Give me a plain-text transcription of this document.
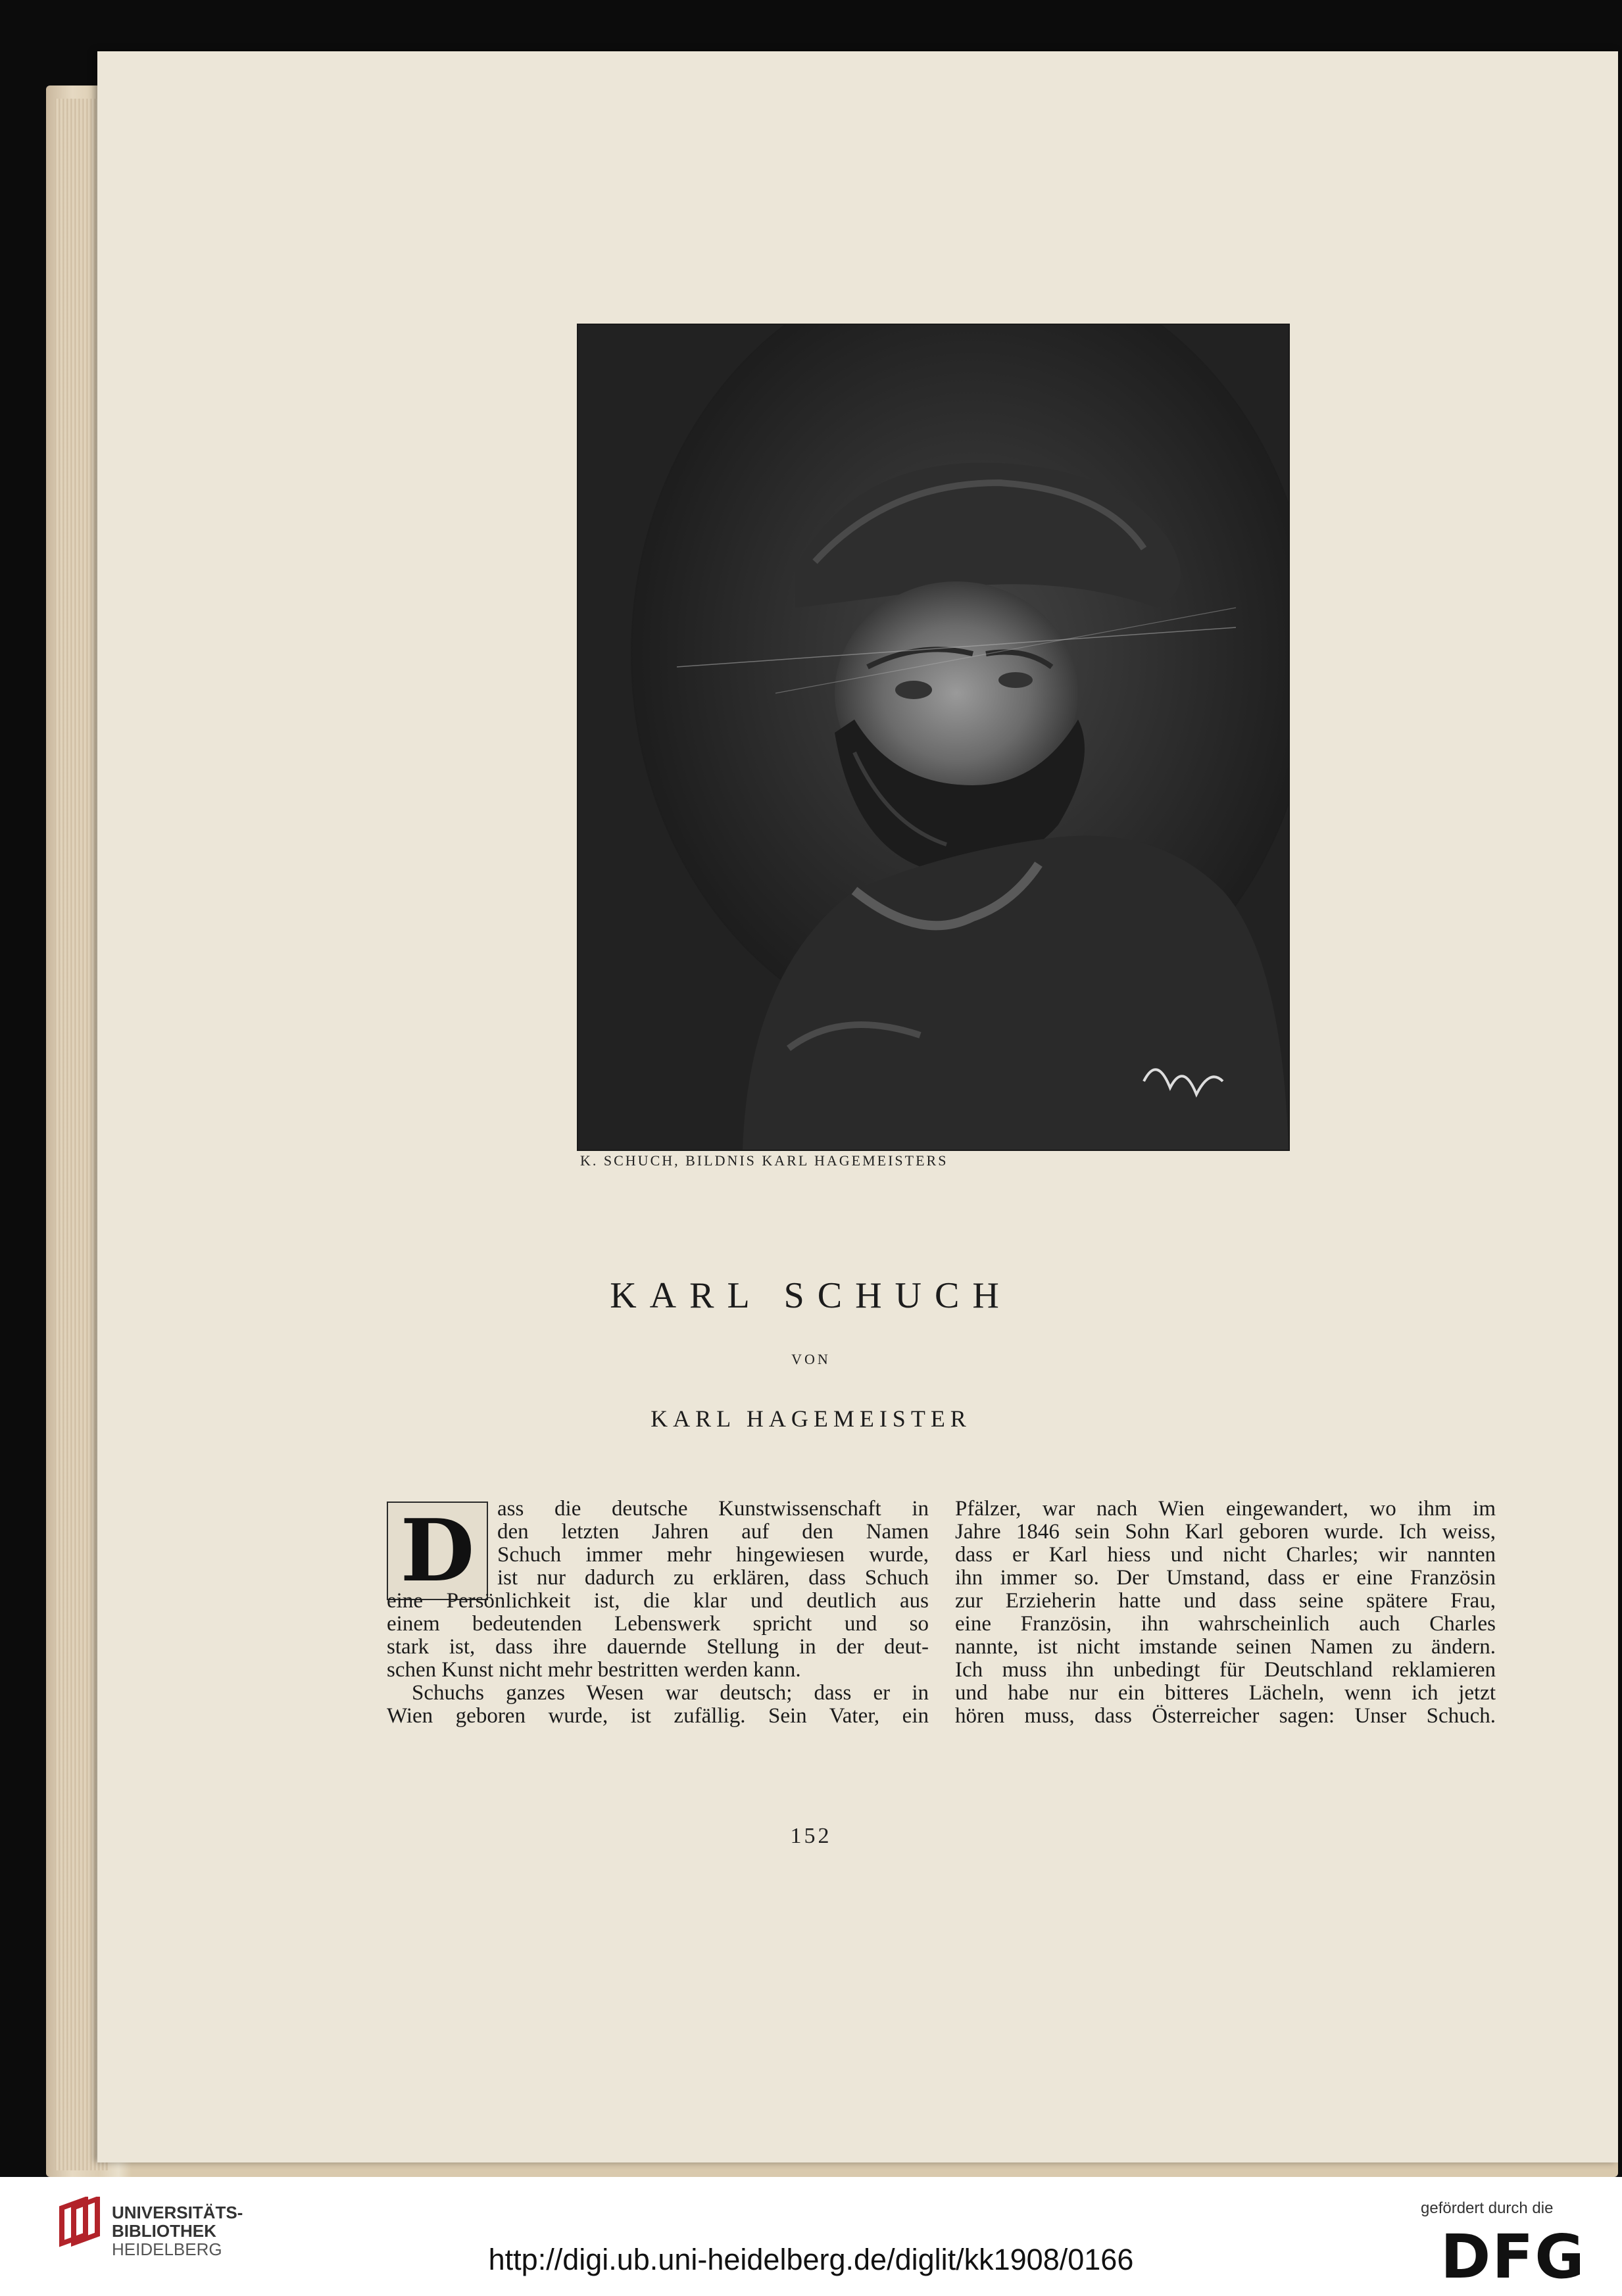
K. SCHUCH, BILDNIS KARL HAGEMEISTERS
KARL SCHUCH
VON
KARL HAGEMEISTER
D	ass die deutsche Kunstwissenschaft in
den letzten Jahren auf den Namen
Schuch immer mehr hingewiesen wurde,
ist nur dadurch zu erklären, dass Schuch
eine Persönlichkeit ist, die klar und deutlich aus
einem bedeutenden Lebenswerk spricht und so
stark ist, dass ihre dauernde Stellung in der deut-
schen Kunst nicht mehr bestritten werden kann.
Schuchs ganzes Wesen war deutsch; dass er in
Wien geboren wurde, ist zufällig. Sein Vater, ein
Pfälzer, war nach Wien eingewandert, wo ihm im
Jahre 1846 sein Sohn Karl geboren wurde. Ich weiss,
dass er Karl hiess und nicht Charles; wir nannten
ihn immer so. Der Umstand, dass er eine Französin
zur Erzieherin hatte und dass seine spätere Frau,
eine Französin, ihn wahrscheinlich auch Charles
nannte, ist nicht imstande seinen Namen zu ändern.
Ich muss ihn unbedingt für Deutschland reklamieren
und habe nur ein bitteres Lächeln, wenn ich jetzt
hören muss, dass Österreicher sagen: Unser Schuch.
152
UNIVERSITÄTS-
BIBLIOTHEK
HEIDELBERG	http://digi.ub.uni-heidelberg.de/diglit/kk1908/0166
gefördert durch die
DFG
